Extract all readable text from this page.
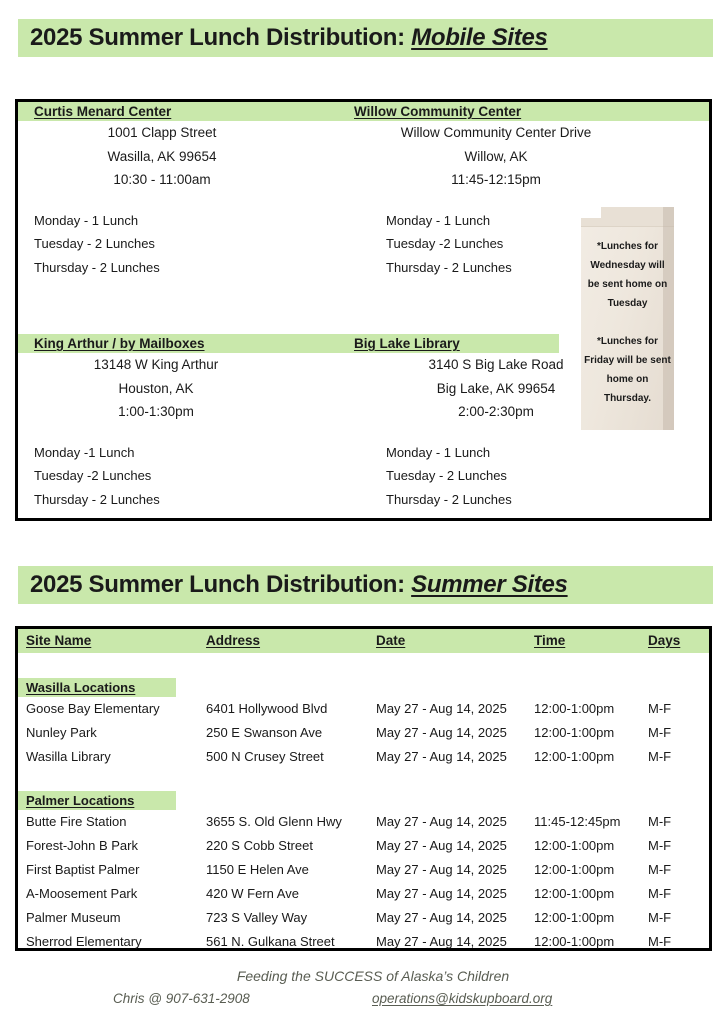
2025 Summer Lunch Distribution: Mobile Sites
Curtis Menard Center
1001 Clapp Street
Wasilla, AK 99654
10:30 - 11:00am
Monday - 1 Lunch
Tuesday - 2 Lunches
Thursday - 2 Lunches
Willow Community Center
Willow Community Center Drive
Willow, AK
11:45-12:15pm
Monday - 1 Lunch
Tuesday -2 Lunches
Thursday - 2 Lunches
King Arthur / by Mailboxes
13148 W King Arthur
Houston, AK
1:00-1:30pm
Monday -1 Lunch
Tuesday -2 Lunches
Thursday - 2 Lunches
Big Lake Library
3140 S Big Lake Road
Big Lake, AK 99654
2:00-2:30pm
Monday - 1 Lunch
Tuesday - 2 Lunches
Thursday - 2 Lunches
*Lunches for Wednesday will be sent home on Tuesday
*Lunches for Friday will be sent home on Thursday.
2025 Summer Lunch Distribution: Summer Sites
Site Name	Address	Date	Time	Days
Wasilla Locations
Goose Bay Elementary	6401 Hollywood Blvd	May 27 - Aug 14, 2025 12:00-1:00pm	M-F
Nunley Park	250 E Swanson Ave	May 27 - Aug 14, 2025 12:00-1:00pm	M-F
Wasilla Library	500 N Crusey Street	May 27 - Aug 14, 2025 12:00-1:00pm	M-F
Palmer Locations
Butte Fire Station	3655 S. Old Glenn Hwy	May 27 - Aug 14, 2025 11:45-12:45pm M-F
Forest-John B Park	220 S Cobb Street	May 27 - Aug 14, 2025 12:00-1:00pm	M-F
First Baptist Palmer	1150 E Helen Ave	May 27 - Aug 14, 2025 12:00-1:00pm	M-F
A-Moosement Park	420 W Fern Ave	May 27 - Aug 14, 2025 12:00-1:00pm	M-F
Palmer Museum	723 S Valley Way	May 27 - Aug 14, 2025 12:00-1:00pm	M-F
Sherrod Elementary	561 N. Gulkana Street	May 27 - Aug 14, 2025 12:00-1:00pm	M-F
Feeding the SUCCESS of Alaska’s Children
Chris @ 907-631-2908	operations@kidskupboard.org
